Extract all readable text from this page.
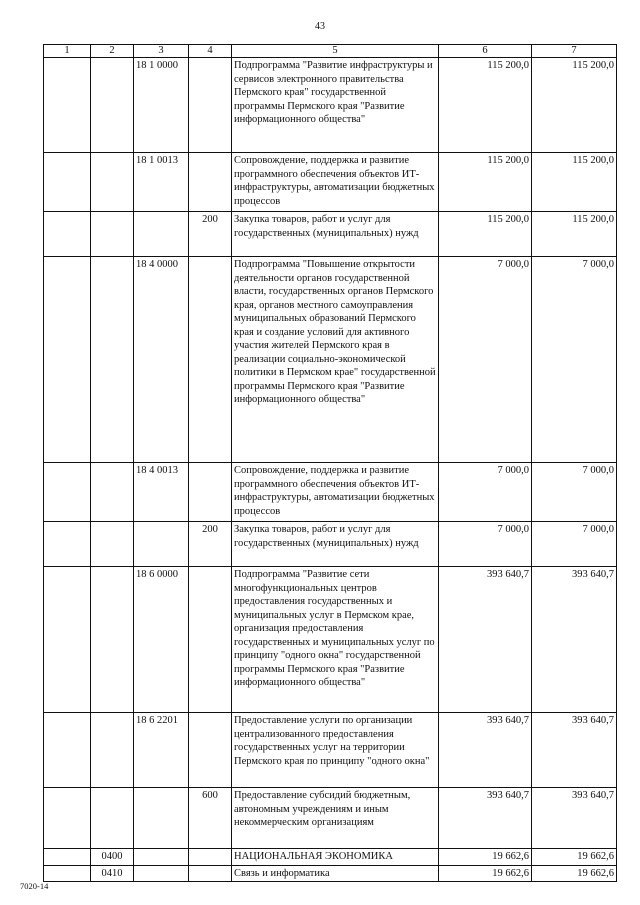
43
1	2	3	4	5	6	7
		18 1 0000		Подпрограмма "Развитие инфраструктуры и сервисов электронного правительства Пермского края" государственной программы Пермского края "Развитие информационного общества"	115 200,0	115 200,0
		18 1 0013		Сопровождение, поддержка и развитие программного обеспечения объектов ИТ-инфраструктуры, автоматизации бюджетных процессов	115 200,0	115 200,0
			200	Закупка товаров, работ и услуг для государственных (муниципальных) нужд	115 200,0	115 200,0
		18 4 0000		Подпрограмма "Повышение открытости деятельности органов государственной власти, государственных органов Пермского края, органов местного самоуправления муниципальных образований Пермского края и создание условий для активного участия жителей Пермского края в реализации социально-экономической политики в Пермском крае" государственной программы Пермского края "Развитие информационного общества"	7 000,0	7 000,0
		18 4 0013		Сопровождение, поддержка и развитие программного обеспечения объектов ИТ-инфраструктуры, автоматизации бюджетных процессов	7 000,0	7 000,0
			200	Закупка товаров, работ и услуг для государственных (муниципальных) нужд	7 000,0	7 000,0
		18 6 0000		Подпрограмма "Развитие сети многофункциональных центров предоставления государственных и муниципальных услуг в Пермском крае, организация предоставления государственных и муниципальных услуг по принципу "одного окна" государственной программы Пермского края "Развитие информационного общества"	393 640,7	393 640,7
		18 6 2201		Предоставление услуги по организации централизованного предоставления государственных услуг на территории Пермского края по принципу "одного окна"	393 640,7	393 640,7
			600	Предоставление субсидий бюджетным, автономным учреждениям и иным некоммерческим организациям	393 640,7	393 640,7
	0400			НАЦИОНАЛЬНАЯ ЭКОНОМИКА	19 662,6	19 662,6
	0410			Связь и информатика	19 662,6	19 662,6
7020-14
